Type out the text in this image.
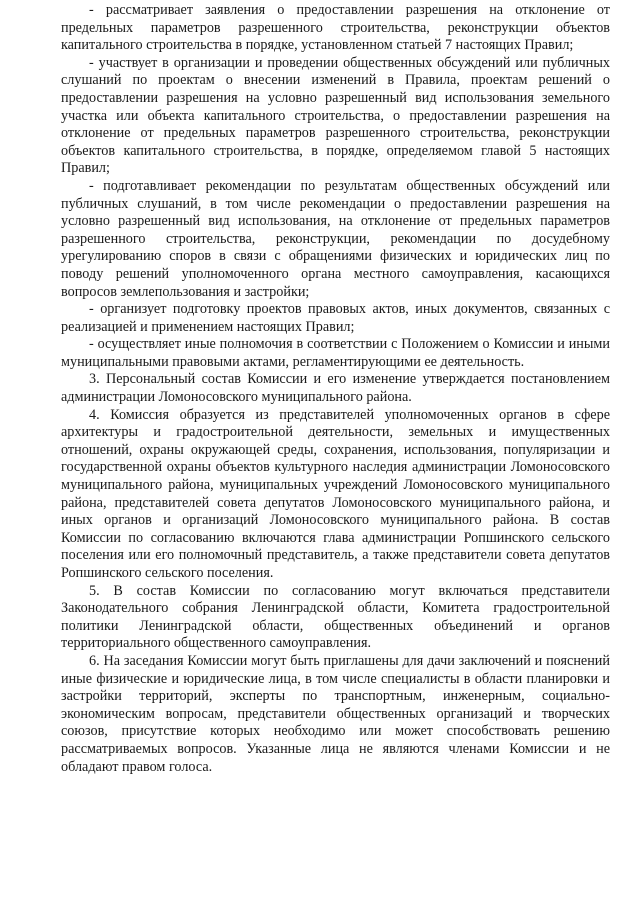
- рассматривает заявления о предоставлении разрешения на отклонение от предельных параметров разрешенного строительства, реконструкции объектов капитального строительства в порядке, установленном статьей 7 настоящих Правил;

- участвует в организации и проведении общественных обсуждений или публичных слушаний по проектам о внесении изменений в Правила, проектам решений о предоставлении разрешения на условно разрешенный вид использования земельного участка или объекта капитального строительства, о предоставлении разрешения на отклонение от предельных параметров разрешенного строительства, реконструкции объектов капитального строительства, в порядке, определяемом главой 5 настоящих Правил;

- подготавливает рекомендации по результатам общественных обсуждений или публичных слушаний, в том числе рекомендации о предоставлении разрешения на условно разрешенный вид использования, на отклонение от предельных параметров разрешенного строительства, реконструкции, рекомендации по досудебному урегулированию споров в связи с обращениями физических и юридических лиц по поводу решений уполномоченного органа местного самоуправления, касающихся вопросов землепользования и застройки;

- организует подготовку проектов правовых актов, иных документов, связанных с реализацией и применением настоящих Правил;

- осуществляет иные полномочия в соответствии с Положением о Комиссии и иными муниципальными правовыми актами, регламентирующими ее деятельность.

3. Персональный состав Комиссии и его изменение утверждается постановлением администрации Ломоносовского муниципального района.

4. Комиссия образуется из представителей уполномоченных органов в сфере архитектуры и градостроительной деятельности, земельных и имущественных отношений, охраны окружающей среды, сохранения, использования, популяризации и государственной охраны объектов культурного наследия администрации Ломоносовского муниципального района, муниципальных учреждений Ломоносовского муниципального района, представителей совета депутатов Ломоносовского муниципального района, и иных органов и организаций Ломоносовского муниципального района. В состав Комиссии по согласованию включаются глава администрации Ропшинского сельского поселения или его полномочный представитель, а также представители совета депутатов Ропшинского сельского поселения.

5. В состав Комиссии по согласованию могут включаться представители Законодательного собрания Ленинградской области, Комитета градостроительной политики Ленинградской области, общественных объединений и органов территориального общественного самоуправления.

6. На заседания Комиссии могут быть приглашены для дачи заключений и пояснений иные физические и юридические лица, в том числе специалисты в области планировки и застройки территорий, эксперты по транспортным, инженерным, социально-экономическим вопросам, представители общественных организаций и творческих союзов, присутствие которых необходимо или может способствовать решению рассматриваемых вопросов. Указанные лица не являются членами Комиссии и не обладают правом голоса.
